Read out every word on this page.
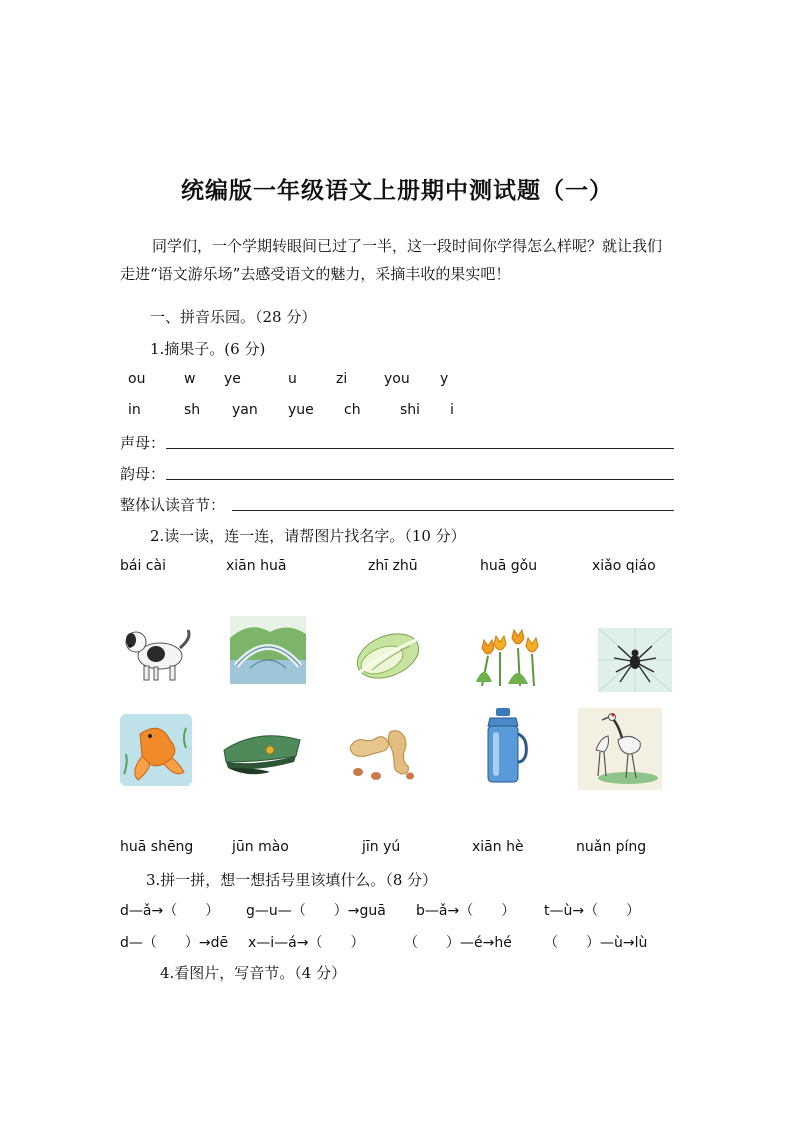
统编版一年级语文上册期中测试题（一）
同学们，一个学期转眼间已过了一半，这一段时间你学得怎么样呢？就让我们走进“语文游乐场”去感受语文的魅力，采摘丰收的果实吧！
一、拼音乐园。（28 分）
1.摘果子。(6 分)
ou	w ye	u	zi	you y
in	sh yan yue ch	shi i
声母：
韵母：
整体认读音节：
2.读一读，连一连，请帮图片找名字。（10 分）
bái cài	xiān huā	zhī zhū	huā gǒu	xiǎo qiáo
huā shēng	jūn mào	jīn yú	xiān hè	nuǎn píng
3.拼一拼，想一想括号里该填什么。（8 分）
d—ǎ→（　　） g—u—（　　）→guā b—ǎ→（　　） t—ù→（　　）
d—（　　）→dē x—i—á→（　　）	（　　）—é→hé （　　）—ù→lù
4.看图片，写音节。（4 分）
